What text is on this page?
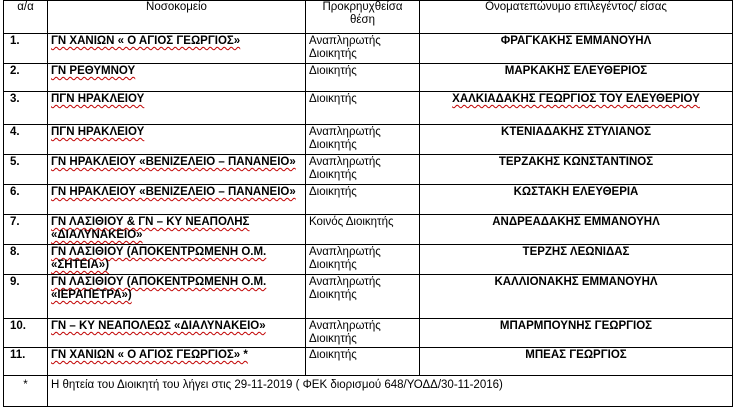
α/α	Νοσοκομείο	Προκρηυχθείσα θέση	Ονοματεπώνυμο επιλεγέντος/ είσας
1.	ΓΝ ΧΑΝΙΩΝ « Ο ΑΓΙΟΣ ΓΕΩΡΓΙΟΣ»	Αναπληρωτής Διοικητής	ΦΡΑΓΚΑΚΗΣ ΕΜΜΑΝΟΥΗΛ
2.	ΓΝ ΡΕΘΥΜΝΟΥ	Διοικητής	ΜΑΡΚΑΚΗΣ ΕΛΕΥΘΕΡΙΟΣ
3.	ΠΓΝ ΗΡΑΚΛΕΙΟΥ	Διοικητής	ΧΑΛΚΙΑΔΑΚΗΣ ΓΕΩΡΓΙΟΣ ΤΟΥ ΕΛΕΥΘΕΡΙΟΥ
4.	ΠΓΝ ΗΡΑΚΛΕΙΟΥ	Αναπληρωτής Διοικητής	ΚΤΕΝΙΑΔΑΚΗΣ ΣΤΥΛΙΑΝΟΣ
5.	ΓΝ ΗΡΑΚΛΕΙΟΥ «ΒΕΝΙΖΕΛΕΙΟ – ΠΑΝΑΝΕΙΟ»	Αναπληρωτής Διοικητής	ΤΕΡΖΑΚΗΣ ΚΩΝΣΤΑΝΤΙΝΟΣ
6.	ΓΝ ΗΡΑΚΛΕΙΟΥ «ΒΕΝΙΖΕΛΕΙΟ – ΠΑΝΑΝΕΙΟ»	Διοικητής	ΚΩΣΤΑΚΗ ΕΛΕΥΘΕΡΙΑ
7.	ΓΝ ΛΑΣΙΘΙΟΥ & ΓΝ – ΚΥ ΝΕΑΠΟΛΗΣ «ΔΙΑΛΥΝΑΚΕΙΟ»	Κοινός Διοικητής	ΑΝΔΡΕΑΔΑΚΗΣ ΕΜΜΑΝΟΥΗΛ
8.	ΓΝ ΛΑΣΙΘΙΟΥ (ΑΠΟΚΕΝΤΡΩΜΕΝΗ Ο.Μ. «ΣΗΤΕΙΑ»)	Αναπληρωτής Διοικητής	ΤΕΡΖΗΣ ΛΕΩΝΙΔΑΣ
9.	ΓΝ ΛΑΣΙΘΙΟΥ (ΑΠΟΚΕΝΤΡΩΜΕΝΗ Ο.Μ. «ΙΕΡΑΠΕΤΡΑ»)	Αναπληρωτής Διοικητής	ΚΑΛΛΙΟΝΑΚΗΣ ΕΜΜΑΝΟΥΗΛ
10.	ΓΝ – ΚΥ ΝΕΑΠΟΛΕΩΣ «ΔΙΑΛΥΝΑΚΕΙΟ»	Αναπληρωτής Διοικητής	ΜΠΑΡΜΠΟΥΝΗΣ ΓΕΩΡΓΙΟΣ
11.	ΓΝ ΧΑΝΙΩΝ « Ο ΑΓΙΟΣ ΓΕΩΡΓΙΟΣ» *	Διοικητής	ΜΠΕΑΣ ΓΕΩΡΓΙΟΣ
*	Η θητεία του Διοικητή του λήγει στις 29-11-2019 ( ΦΕΚ διορισμού 648/ΥΟΔΔ/30-11-2016)		
